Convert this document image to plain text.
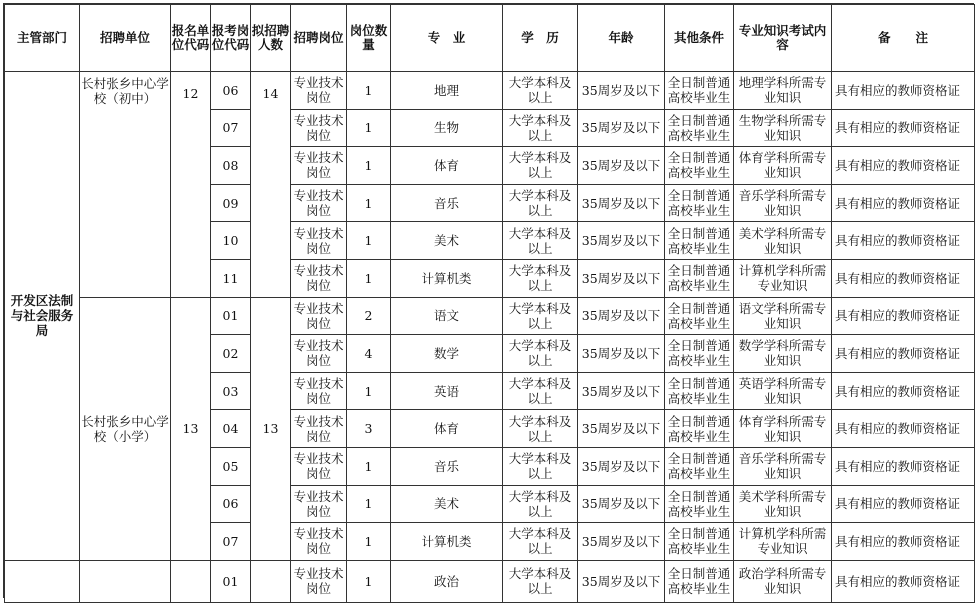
主管部门	招聘单位	报名单位代码	报考岗位代码	拟招聘人数	招聘岗位	岗位数量	专　业	学　历	年龄	其他条件	专业知识考试内容	备　　注
开发区法制与社会服务局	长村张乡中心学校（初中）	12	06	14	专业技术岗位	1	地理	大学本科及以上	35周岁及以下	全日制普通高校毕业生	地理学科所需专业知识	具有相应的教师资格证
			07		专业技术岗位	1	生物	大学本科及以上	35周岁及以下	全日制普通高校毕业生	生物学科所需专业知识	具有相应的教师资格证
			08		专业技术岗位	1	体育	大学本科及以上	35周岁及以下	全日制普通高校毕业生	体育学科所需专业知识	具有相应的教师资格证
			09		专业技术岗位	1	音乐	大学本科及以上	35周岁及以下	全日制普通高校毕业生	音乐学科所需专业知识	具有相应的教师资格证
			10		专业技术岗位	1	美术	大学本科及以上	35周岁及以下	全日制普通高校毕业生	美术学科所需专业知识	具有相应的教师资格证
			11		专业技术岗位	1	计算机类	大学本科及以上	35周岁及以下	全日制普通高校毕业生	计算机学科所需专业知识	具有相应的教师资格证
	长村张乡中心学校（小学）	13	01	13	专业技术岗位	2	语文	大学本科及以上	35周岁及以下	全日制普通高校毕业生	语文学科所需专业知识	具有相应的教师资格证
			02		专业技术岗位	4	数学	大学本科及以上	35周岁及以下	全日制普通高校毕业生	数学学科所需专业知识	具有相应的教师资格证
			03		专业技术岗位	1	英语	大学本科及以上	35周岁及以下	全日制普通高校毕业生	英语学科所需专业知识	具有相应的教师资格证
			04		专业技术岗位	3	体育	大学本科及以上	35周岁及以下	全日制普通高校毕业生	体育学科所需专业知识	具有相应的教师资格证
			05		专业技术岗位	1	音乐	大学本科及以上	35周岁及以下	全日制普通高校毕业生	音乐学科所需专业知识	具有相应的教师资格证
			06		专业技术岗位	1	美术	大学本科及以上	35周岁及以下	全日制普通高校毕业生	美术学科所需专业知识	具有相应的教师资格证
			07		专业技术岗位	1	计算机类	大学本科及以上	35周岁及以下	全日制普通高校毕业生	计算机学科所需专业知识	具有相应的教师资格证
			01		专业技术岗位	1	政治	大学本科及以上	35周岁及以下	全日制普通高校毕业生	政治学科所需专业知识	具有相应的教师资格证
